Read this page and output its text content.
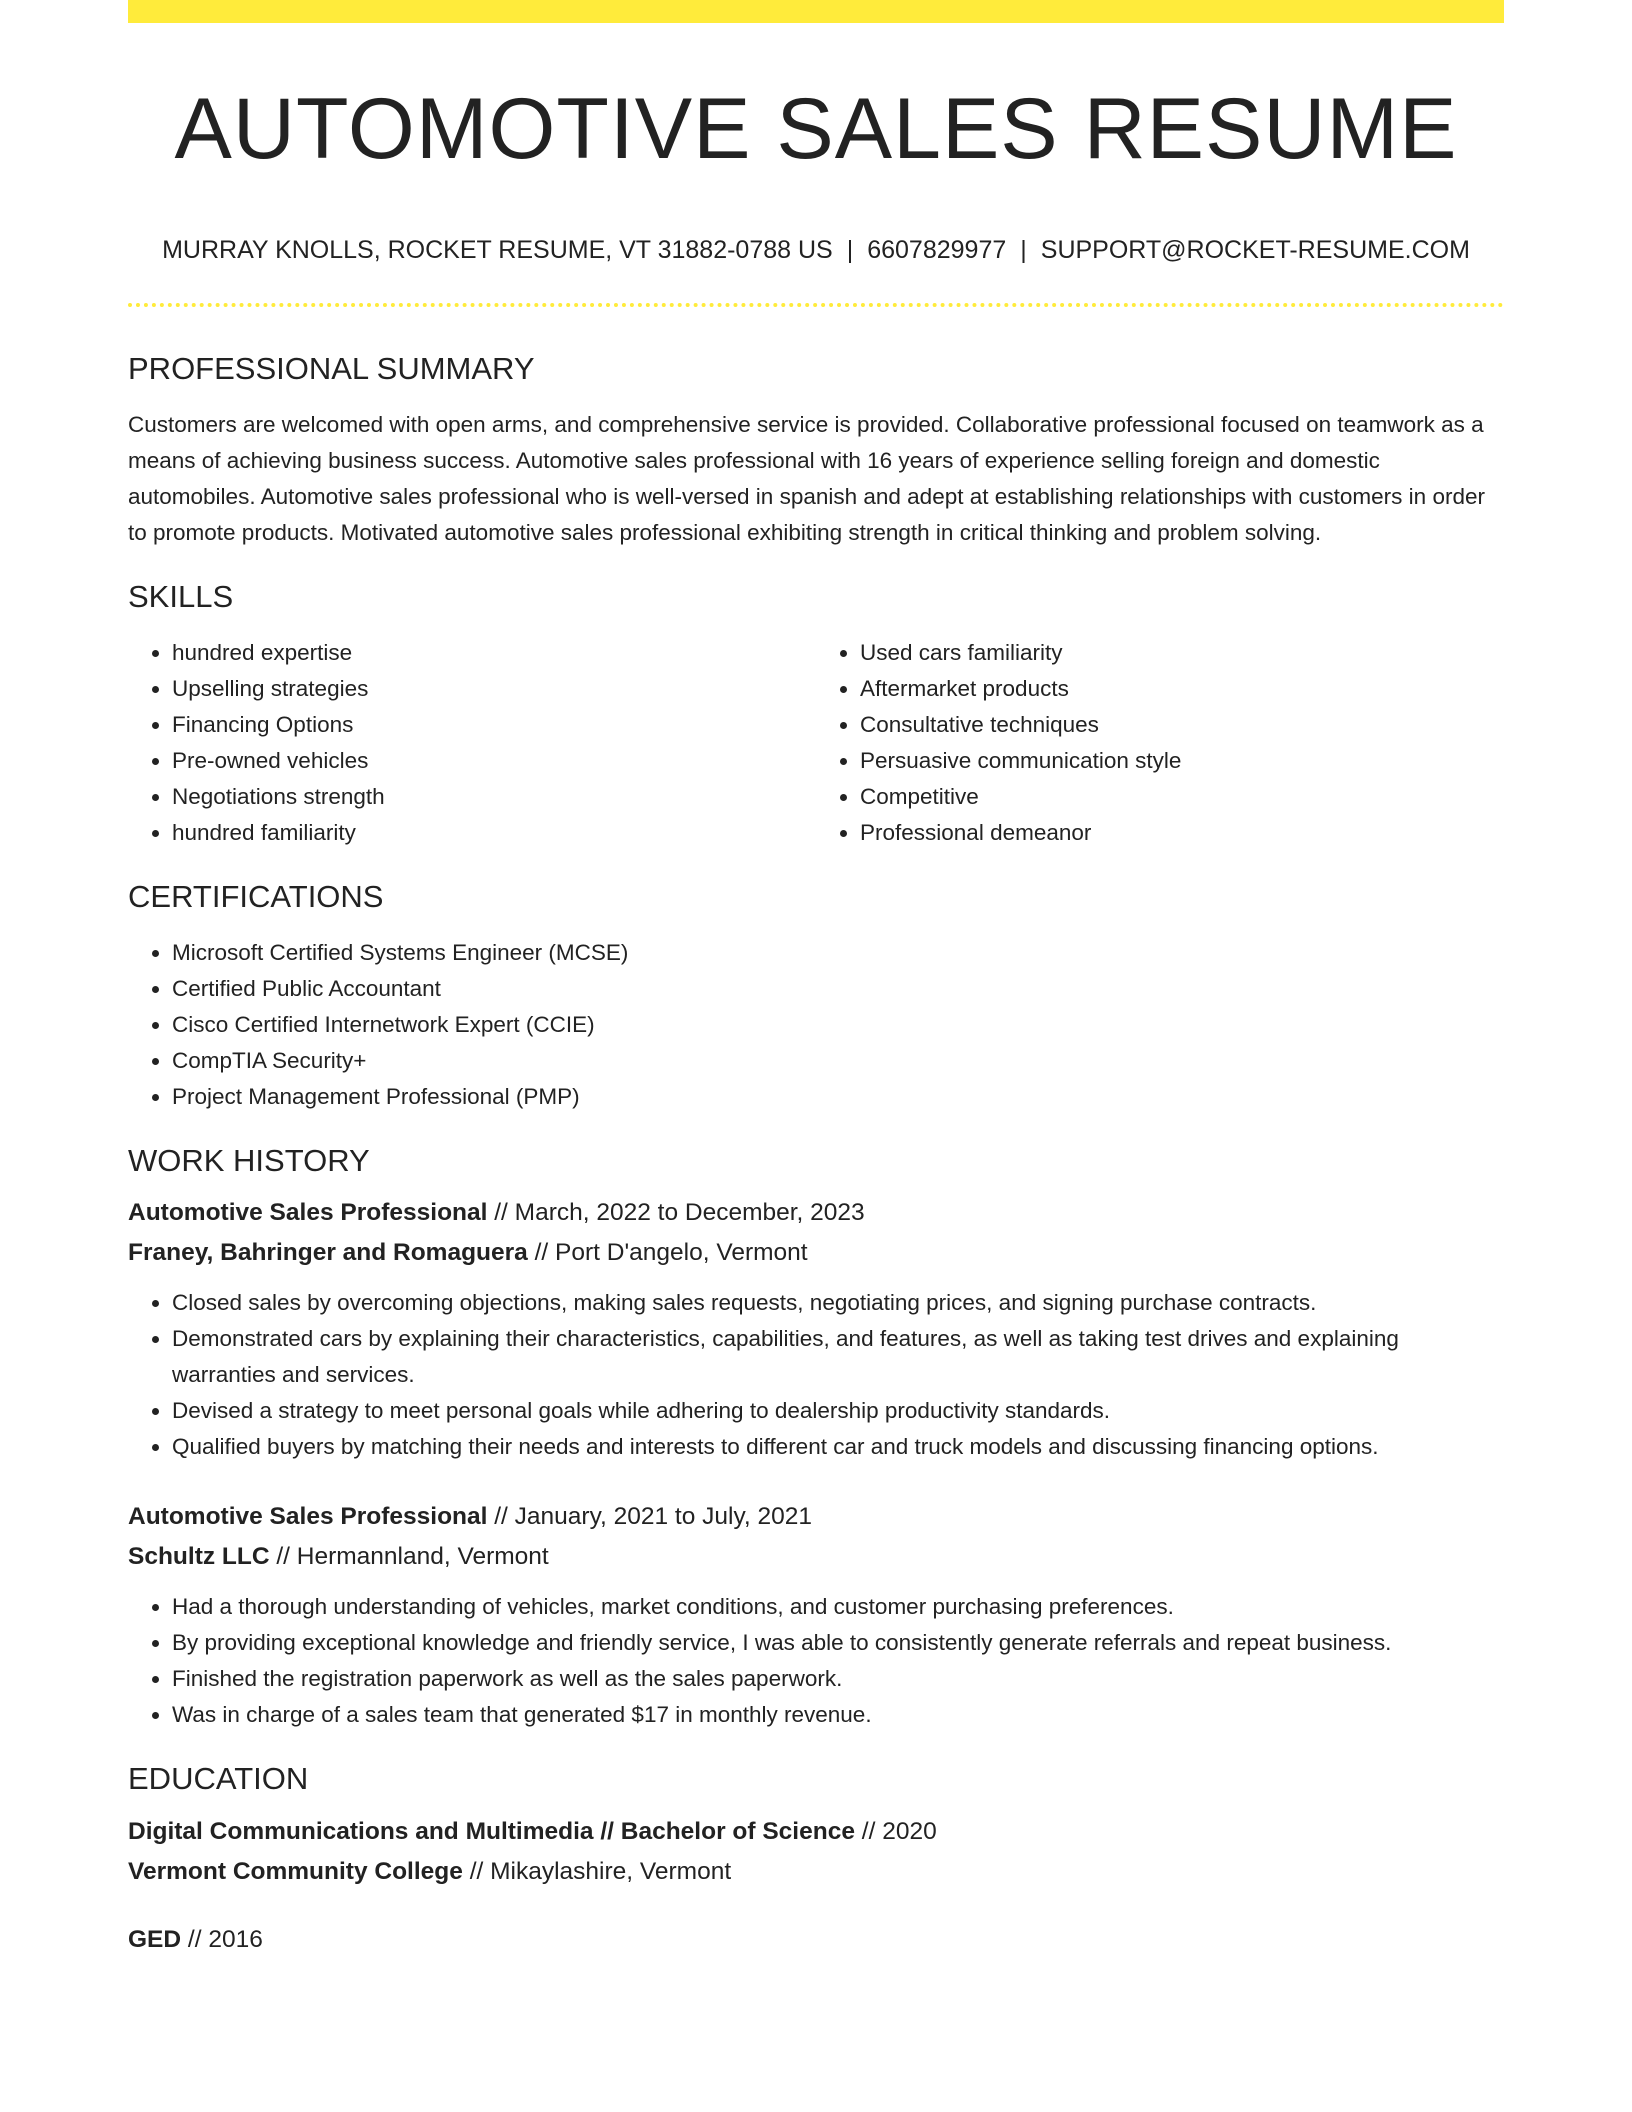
AUTOMOTIVE SALES RESUME
MURRAY KNOLLS, ROCKET RESUME, VT 31882-0788 US | 6607829977 | SUPPORT@ROCKET-RESUME.COM
PROFESSIONAL SUMMARY

Customers are welcomed with open arms, and comprehensive service is provided. Collaborative professional focused on teamwork as a means of achieving business success. Automotive sales professional with 16 years of experience selling foreign and domestic automobiles. Automotive sales professional who is well-versed in spanish and adept at establishing relationships with customers in order to promote products. Motivated automotive sales professional exhibiting strength in critical thinking and problem solving.

SKILLS
• hundred expertise
• Upselling strategies
• Financing Options
• Pre-owned vehicles
• Negotiations strength
• hundred familiarity
• Used cars familiarity
• Aftermarket products
• Consultative techniques
• Persuasive communication style
• Competitive
• Professional demeanor
CERTIFICATIONS
• Microsoft Certified Systems Engineer (MCSE)
• Certified Public Accountant
• Cisco Certified Internetwork Expert (CCIE)
• CompTIA Security+
• Project Management Professional (PMP)
WORK HISTORY
Automotive Sales Professional // March, 2022 to December, 2023
Franey, Bahringer and Romaguera // Port D'angelo, Vermont
• Closed sales by overcoming objections, making sales requests, negotiating prices, and signing purchase contracts.
• Demonstrated cars by explaining their characteristics, capabilities, and features, as well as taking test drives and explaining warranties and services.
• Devised a strategy to meet personal goals while adhering to dealership productivity standards.
• Qualified buyers by matching their needs and interests to different car and truck models and discussing financing options.
Automotive Sales Professional // January, 2021 to July, 2021
Schultz LLC // Hermannland, Vermont
• Had a thorough understanding of vehicles, market conditions, and customer purchasing preferences.
• By providing exceptional knowledge and friendly service, I was able to consistently generate referrals and repeat business.
• Finished the registration paperwork as well as the sales paperwork.
• Was in charge of a sales team that generated $17 in monthly revenue.
EDUCATION
Digital Communications and Multimedia // Bachelor of Science // 2020
Vermont Community College // Mikaylashire, Vermont
GED // 2016
